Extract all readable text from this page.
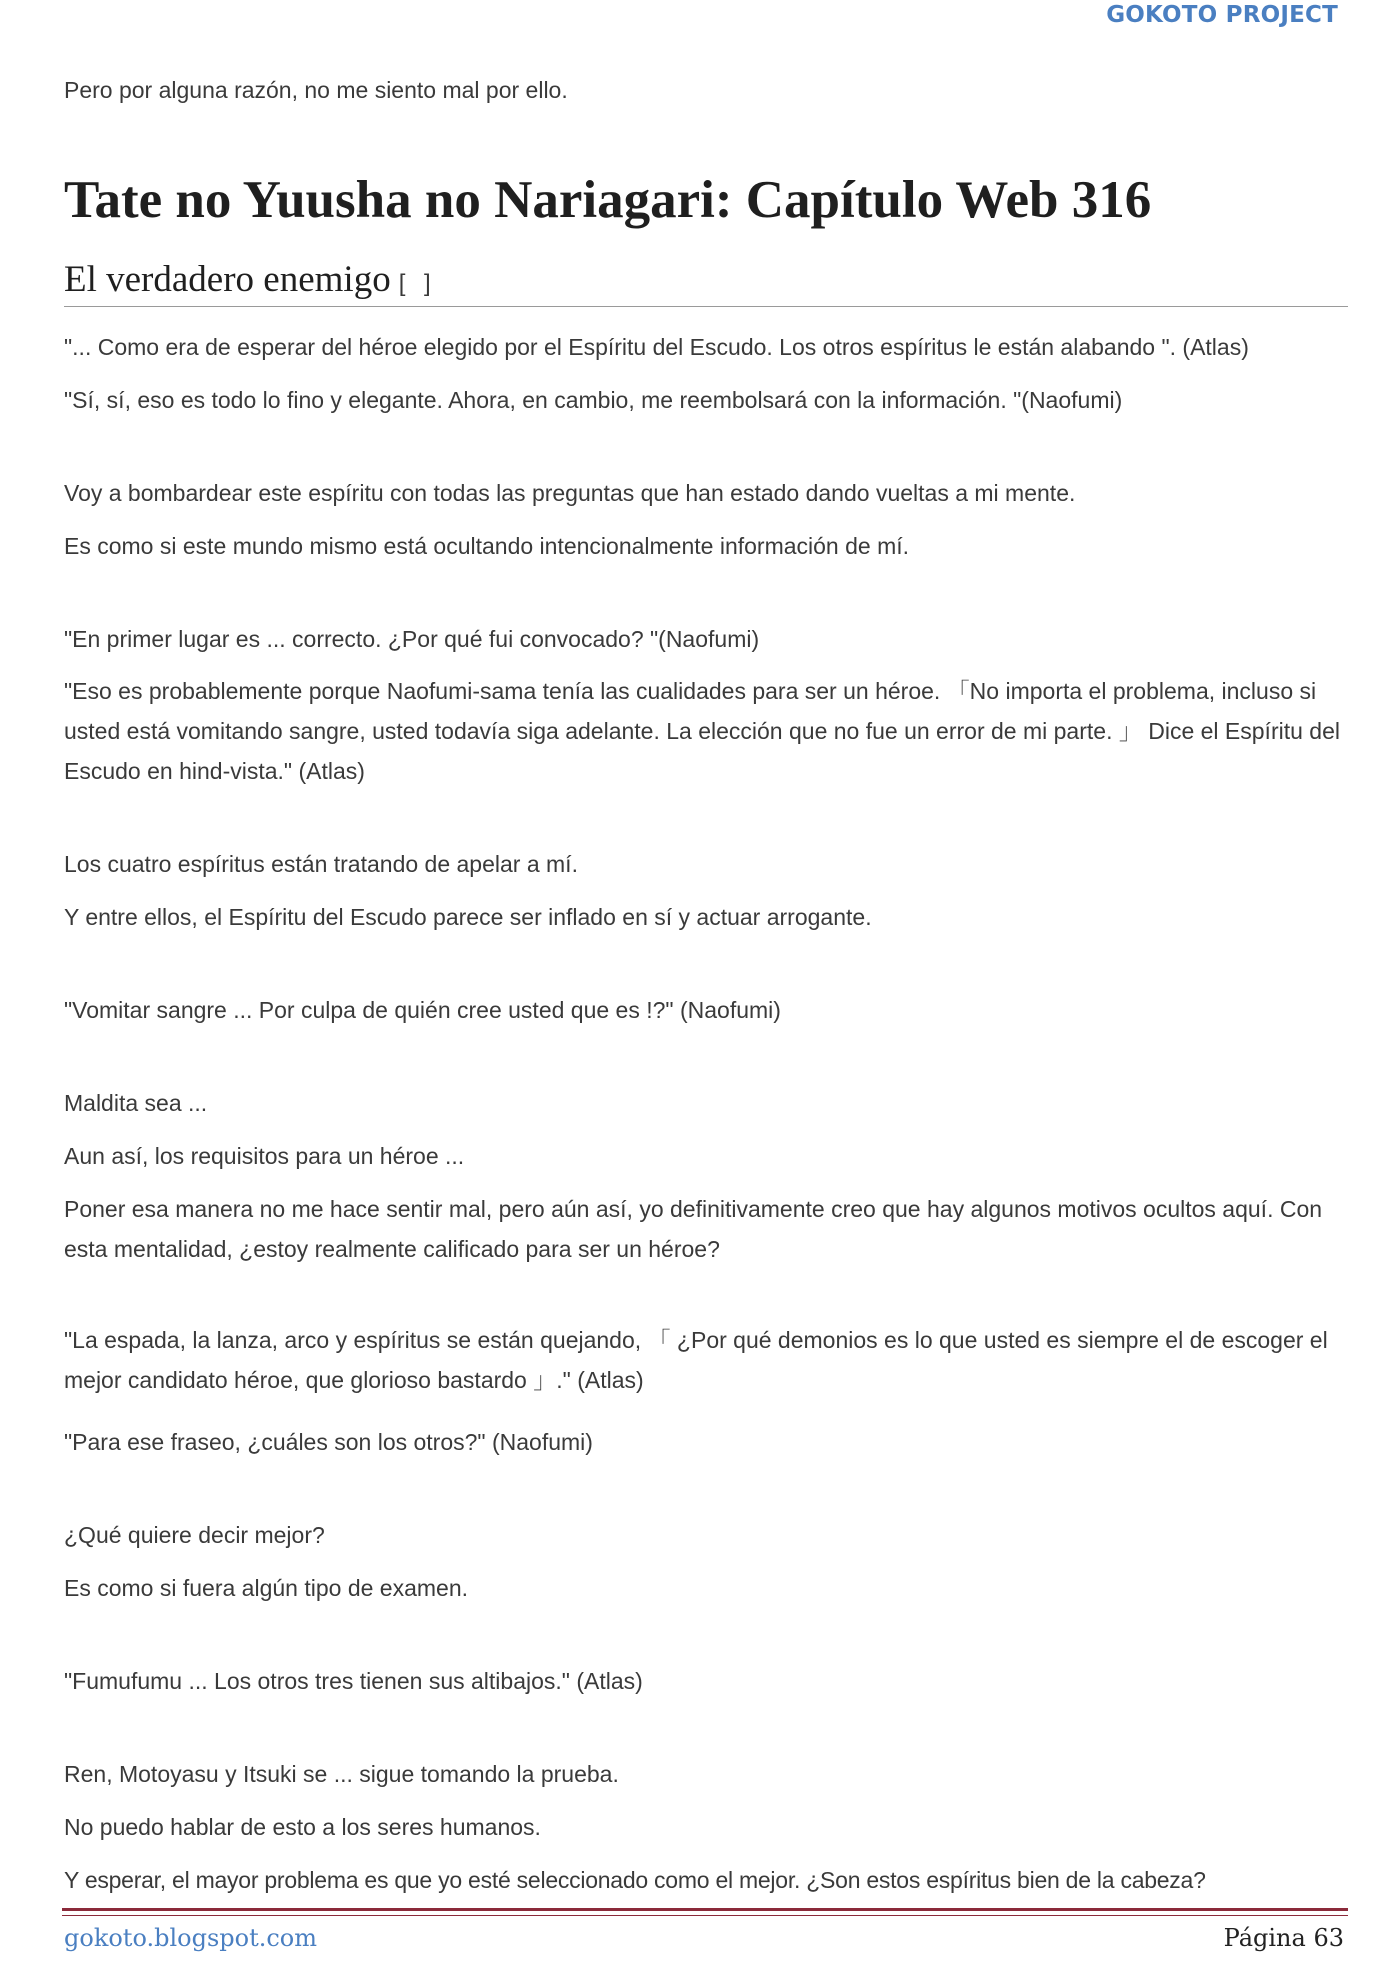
GOKOTO PROJECT

Pero por alguna razón, no me siento mal por ello.

Tate no Yuusha no Nariagari: Capítulo Web 316
El verdadero enemigo [ ]

"... Como era de esperar del héroe elegido por el Espíritu del Escudo. Los otros espíritus le están alabando ". (Atlas)

"Sí, sí, eso es todo lo fino y elegante. Ahora, en cambio, me reembolsará con la información. "(Naofumi)

Voy a bombardear este espíritu con todas las preguntas que han estado dando vueltas a mi mente.

Es como si este mundo mismo está ocultando intencionalmente información de mí.

"En primer lugar es ... correcto. ¿Por qué fui convocado? "(Naofumi)

"Eso es probablemente porque Naofumi-sama tenía las cualidades para ser un héroe. 「No importa el problema, incluso si usted está vomitando sangre, usted todavía siga adelante. La elección que no fue un error de mi parte. 」 Dice el Espíritu del Escudo en hind-vista." (Atlas)

Los cuatro espíritus están tratando de apelar a mí.

Y entre ellos, el Espíritu del Escudo parece ser inflado en sí y actuar arrogante.

"Vomitar sangre ... Por culpa de quién cree usted que es !?" (Naofumi)

Maldita sea ...

Aun así, los requisitos para un héroe ...

Poner esa manera no me hace sentir mal, pero aún así, yo definitivamente creo que hay algunos motivos ocultos aquí. Con esta mentalidad, ¿estoy realmente calificado para ser un héroe?

"La espada, la lanza, arco y espíritus se están quejando, 「 ¿Por qué demonios es lo que usted es siempre el de escoger el mejor candidato héroe, que glorioso bastardo 」." (Atlas)

"Para ese fraseo, ¿cuáles son los otros?" (Naofumi)

¿Qué quiere decir mejor?

Es como si fuera algún tipo de examen.

"Fumufumu ... Los otros tres tienen sus altibajos." (Atlas)

Ren, Motoyasu y Itsuki se ... sigue tomando la prueba.

No puedo hablar de esto a los seres humanos.

Y esperar, el mayor problema es que yo esté seleccionado como el mejor. ¿Son estos espíritus bien de la cabeza?

gokoto.blogspot.com	Página 63
